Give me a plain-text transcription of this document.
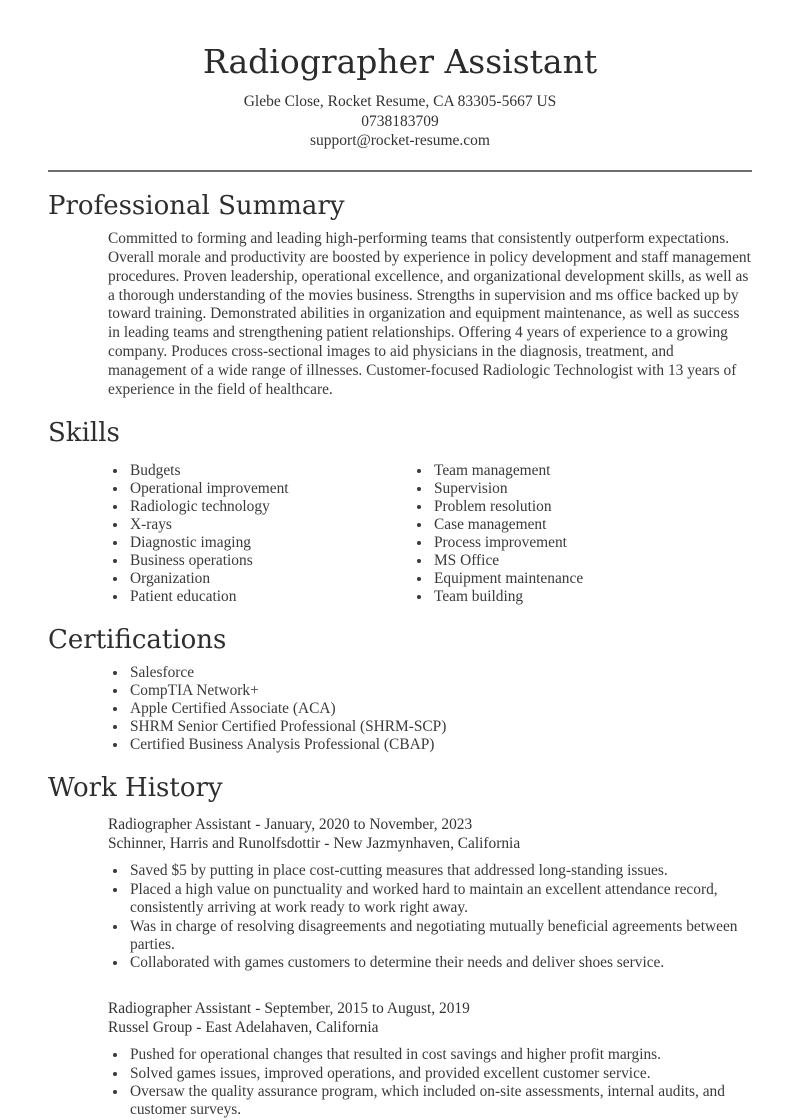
Radiographer Assistant
Glebe Close, Rocket Resume, CA 83305-5667 US
0738183709
support@rocket-resume.com
Professional Summary

Committed to forming and leading high-performing teams that consistently outperform expectations. Overall morale and productivity are boosted by experience in policy development and staff management procedures. Proven leadership, operational excellence, and organizational development skills, as well as a thorough understanding of the movies business. Strengths in supervision and ms office backed up by toward training. Demonstrated abilities in organization and equipment maintenance, as well as success in leading teams and strengthening patient relationships. Offering 4 years of experience to a growing company. Produces cross-sectional images to aid physicians in the diagnosis, treatment, and management of a wide range of illnesses. Customer-focused Radiologic Technologist with 13 years of experience in the field of healthcare.

Skills
• Budgets
• Operational improvement
• Radiologic technology
• X-rays
• Diagnostic imaging
• Business operations
• Organization
• Patient education
• Team management
• Supervision
• Problem resolution
• Case management
• Process improvement
• MS Office
• Equipment maintenance
• Team building
Certifications
• Salesforce
• CompTIA Network+
• Apple Certified Associate (ACA)
• SHRM Senior Certified Professional (SHRM-SCP)
• Certified Business Analysis Professional (CBAP)
Work History
Radiographer Assistant - January, 2020 to November, 2023
Schinner, Harris and Runolfsdottir - New Jazmynhaven, California
• Saved $5 by putting in place cost-cutting measures that addressed long-standing issues.
• Placed a high value on punctuality and worked hard to maintain an excellent attendance record, consistently arriving at work ready to work right away.
• Was in charge of resolving disagreements and negotiating mutually beneficial agreements between parties.
• Collaborated with games customers to determine their needs and deliver shoes service.
Radiographer Assistant - September, 2015 to August, 2019
Russel Group - East Adelahaven, California
• Pushed for operational changes that resulted in cost savings and higher profit margins.
• Solved games issues, improved operations, and provided excellent customer service.
• Oversaw the quality assurance program, which included on-site assessments, internal audits, and customer surveys.
